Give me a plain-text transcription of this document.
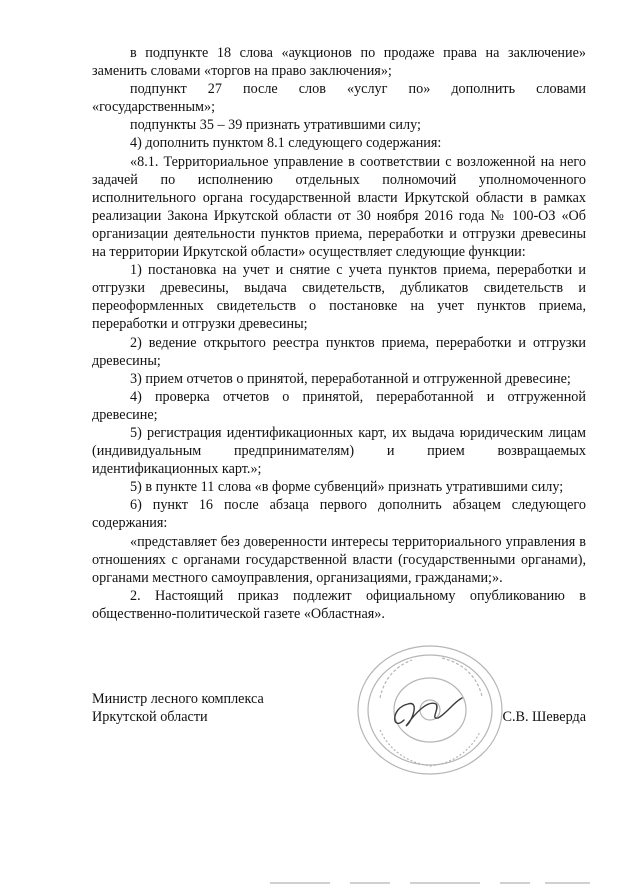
в подпункте 18 слова «аукционов по продаже права на заключение» заменить словами «торгов на право заключения»;

подпункт 27 после слов «услуг по» дополнить словами «государственным»;

подпункты 35 – 39 признать утратившими силу;

4) дополнить пунктом 8.1 следующего содержания:

«8.1. Территориальное управление в соответствии с возложенной на него задачей по исполнению отдельных полномочий уполномоченного исполнительного органа государственной власти Иркутской области в рамках реализации Закона Иркутской области от 30 ноября 2016 года № 100-ОЗ «Об организации деятельности пунктов приема, переработки и отгрузки древесины на территории Иркутской области» осуществляет следующие функции:

1) постановка на учет и снятие с учета пунктов приема, переработки и отгрузки древесины, выдача свидетельств, дубликатов свидетельств и переоформленных свидетельств о постановке на учет пунктов приема, переработки и отгрузки древесины;

2) ведение открытого реестра пунктов приема, переработки и отгрузки древесины;

3) прием отчетов о принятой, переработанной и отгруженной древесине;

4) проверка отчетов о принятой, переработанной и отгруженной древесине;

5) регистрация идентификационных карт, их выдача юридическим лицам (индивидуальным предпринимателям) и прием возвращаемых идентификационных карт.»;

5) в пункте 11 слова «в форме субвенций» признать утратившими силу;

6) пункт 16 после абзаца первого дополнить абзацем следующего содержания:

«представляет без доверенности интересы территориального управления в отношениях с органами государственной власти (государственными органами), органами местного самоуправления, организациями, гражданами;».

2. Настоящий приказ подлежит официальному опубликованию в общественно-политической газете «Областная».

Министр лесного комплекса
Иркутской области	С.В. Шеверда
